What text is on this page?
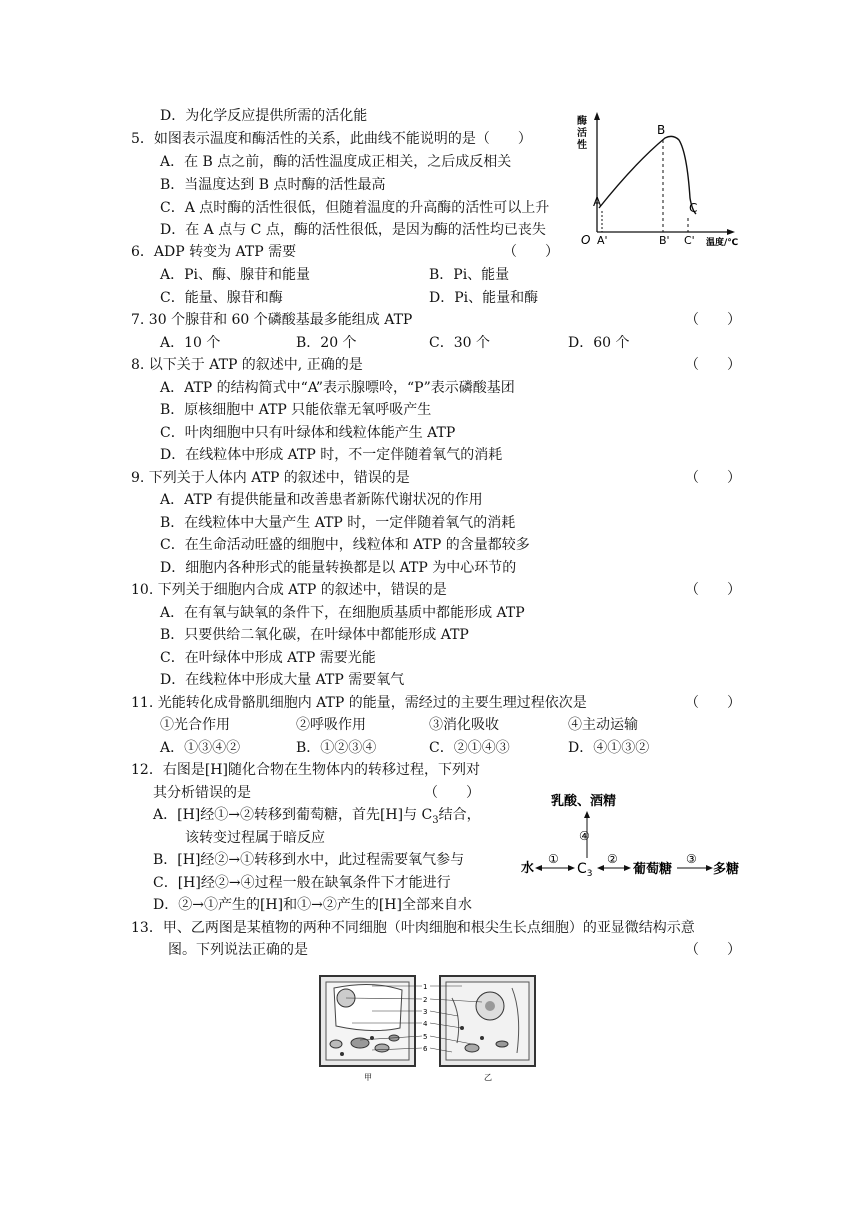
D．为化学反应提供所需的活化能
5．如图表示温度和酶活性的关系，此曲线不能说明的是（　　）
A．在 B 点之前，酶的活性温度成正相关，之后成反相关
B．当温度达到 B 点时酶的活性最高
C．A 点时酶的活性很低，但随着温度的升高酶的活性可以上升
D．在 A 点与 C 点，酶的活性很低，是因为酶的活性均已丧失
A
B
C
O A'	B' C' 温度/℃
酶活性
6．ADP 转变为 ATP 需要	（　　）
A．Pi、酶、腺苷和能量	B．Pi、能量
C．能量、腺苷和酶	D．Pi、能量和酶
7. 30 个腺苷和 60 个磷酸基最多能组成 ATP	（　　）
A．10 个	B．20 个	C．30 个	D．60 个
8. 以下关于 ATP 的叙述中, 正确的是	（　　）
A．ATP 的结构简式中“A”表示腺嘌呤，“P”表示磷酸基团
B．原核细胞中 ATP 只能依靠无氧呼吸产生
C．叶肉细胞中只有叶绿体和线粒体能产生 ATP
D．在线粒体中形成 ATP 时，不一定伴随着氧气的消耗
9. 下列关于人体内 ATP 的叙述中，错误的是	（　　）
A．ATP 有提供能量和改善患者新陈代谢状况的作用
B．在线粒体中大量产生 ATP 时，一定伴随着氧气的消耗
C．在生命活动旺盛的细胞中，线粒体和 ATP 的含量都较多
D．细胞内各种形式的能量转换都是以 ATP 为中心环节的
10. 下列关于细胞内合成 ATP 的叙述中，错误的是	（　　）
A．在有氧与缺氧的条件下，在细胞质基质中都能形成 ATP
B．只要供给二氧化碳，在叶绿体中都能形成 ATP
C．在叶绿体中形成 ATP 需要光能
D．在线粒体中形成大量 ATP 需要氧气
11. 光能转化成骨骼肌细胞内 ATP 的能量，需经过的主要生理过程依次是	（　　）
①光合作用	②呼吸作用	③消化吸收	④主动运输
A．①③④②	B．①②③④	C．②①④③	D．④①③②
12．右图是[H]随化合物在生物体内的转移过程，下列对
其分析错误的是	（　　）
A．[H]经①→②转移到葡萄糖，首先[H]与 $C_3$结合，
该转变过程属于暗反应
B．[H]经②→①转移到水中，此过程需要氧气参与
C．[H]经②→④过程一般在缺氧条件下才能进行
D．②→①产生的[H]和①→②产生的[H]全部来自水
乳酸、酒精
④
水
①
$C_3$
②
葡萄糖
③
多糖
13．甲、乙两图是某植物的两种不同细胞（叶肉细胞和根尖生长点细胞）的亚显微结构示意
图。下列说法正确的是	（　　）
1
2
3
4
5
6
甲	乙
